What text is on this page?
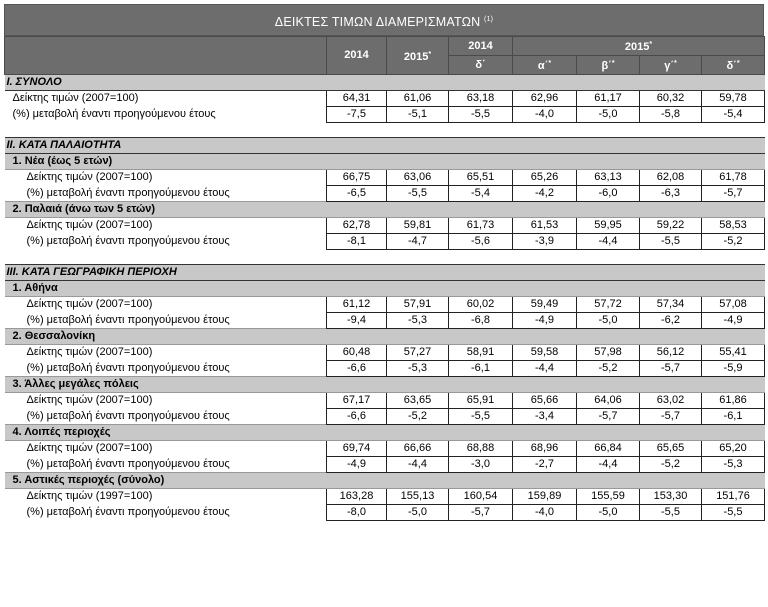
ΔΕΙΚΤΕΣ ΤΙΜΩΝ ΔΙΑΜΕΡΙΣΜΑΤΩΝ $^{(1)}$
	2014	2015*	2014	2015*
			δ΄	α΄*	β΄*	γ΄*	δ΄*
I. ΣΥΝΟΛΟ							
Δείκτης τιμών (2007=100)	64,31	61,06	63,18	62,96	61,17	60,32	59,78
(%) μεταβολή έναντι προηγούμενου έτους	-7,5	-5,1	-5,5	-4,0	-5,0	-5,8	-5,4

II. ΚΑΤΑ ΠΑΛΑΙΟΤΗΤΑ							
1. Νέα (έως 5 ετών)							
Δείκτης τιμών (2007=100)	66,75	63,06	65,51	65,26	63,13	62,08	61,78
(%) μεταβολή έναντι προηγούμενου έτους	-6,5	-5,5	-5,4	-4,2	-6,0	-6,3	-5,7
2. Παλαιά (άνω των 5 ετών)							
Δείκτης τιμών (2007=100)	62,78	59,81	61,73	61,53	59,95	59,22	58,53
(%) μεταβολή έναντι προηγούμενου έτους	-8,1	-4,7	-5,6	-3,9	-4,4	-5,5	-5,2

III. ΚΑΤΑ ΓΕΩΓΡΑΦΙΚΗ ΠΕΡΙΟΧΗ							
1. Αθήνα							
Δείκτης τιμών (2007=100)	61,12	57,91	60,02	59,49	57,72	57,34	57,08
(%) μεταβολή έναντι προηγούμενου έτους	-9,4	-5,3	-6,8	-4,9	-5,0	-6,2	-4,9
2. Θεσσαλονίκη							
Δείκτης τιμών (2007=100)	60,48	57,27	58,91	59,58	57,98	56,12	55,41
(%) μεταβολή έναντι προηγούμενου έτους	-6,6	-5,3	-6,1	-4,4	-5,2	-5,7	-5,9
3. Άλλες μεγάλες πόλεις							
Δείκτης τιμών (2007=100)	67,17	63,65	65,91	65,66	64,06	63,02	61,86
(%) μεταβολή έναντι προηγούμενου έτους	-6,6	-5,2	-5,5	-3,4	-5,7	-5,7	-6,1
4. Λοιπές περιοχές							
Δείκτης τιμών (2007=100)	69,74	66,66	68,88	68,96	66,84	65,65	65,20
(%) μεταβολή έναντι προηγούμενου έτους	-4,9	-4,4	-3,0	-2,7	-4,4	-5,2	-5,3
5. Αστικές περιοχές (σύνολο)							
Δείκτης τιμών (1997=100)	163,28	155,13	160,54	159,89	155,59	153,30	151,76
(%) μεταβολή έναντι προηγούμενου έτους	-8,0	-5,0	-5,7	-4,0	-5,0	-5,5	-5,5
